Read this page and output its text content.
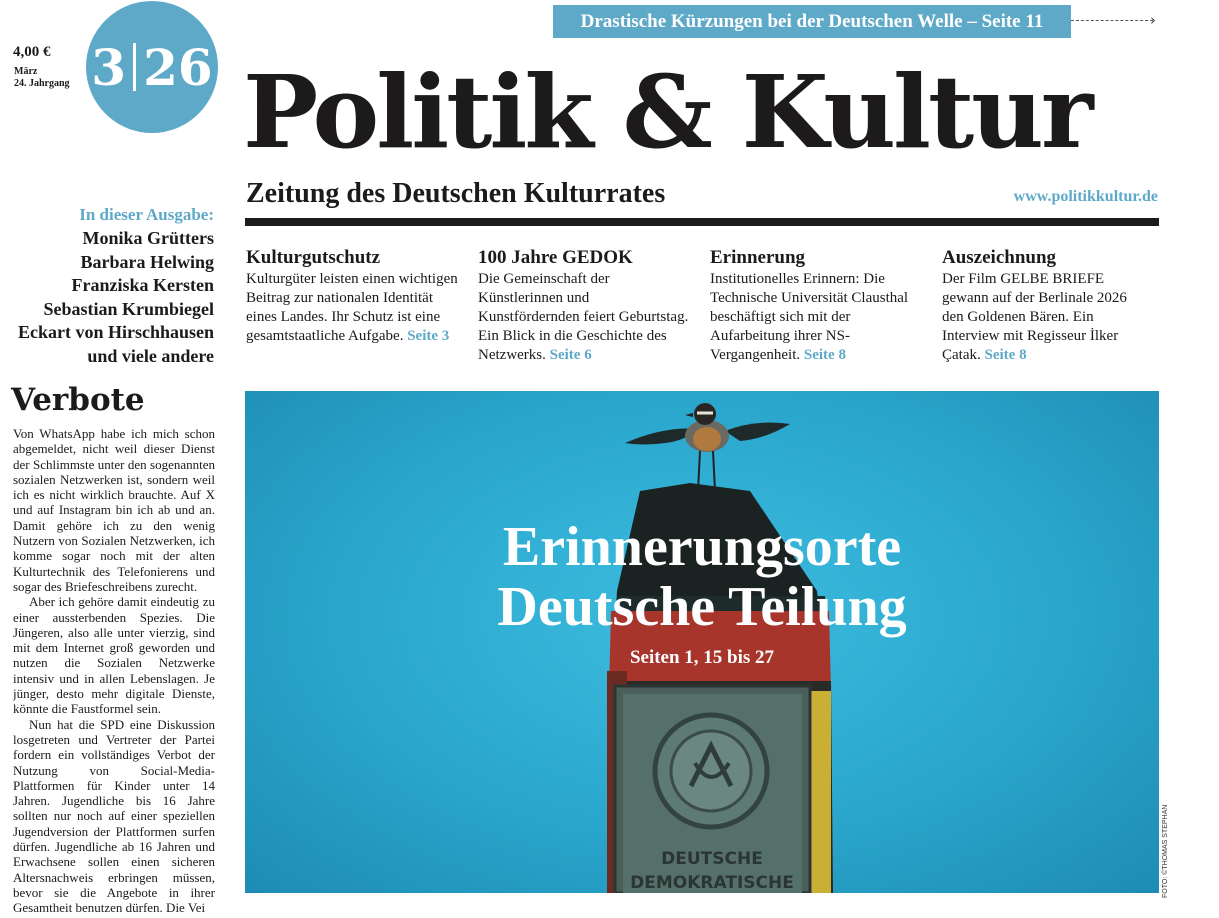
Drastische Kürzungen bei der Deutschen Welle – Seite 11	›
4,00 €
März
24. Jahrgang 3 26 Politik & Kultur
Zeitung des Deutschen Kulturrates	www.politikkultur.de
In dieser Ausgabe:
Monika Grütters
Barbara Helwing
Franziska Kersten
Sebastian Krumbiegel
Eckart von Hirschhausen
und viele andere
Kulturgutschutz

Kulturgüter leisten einen wichtigen Beitrag zur nationalen Identität eines Landes. Ihr Schutz ist eine gesamtstaatliche Aufgabe. Seite 3

100 Jahre GEDOK

Die Gemeinschaft der Künstlerinnen und Kunstfördernden feiert Geburtstag. Ein Blick in die Geschichte des Netzwerks. Seite 6

Erinnerung

Institutionelles Erinnern: Die Technische Universität Clausthal beschäftigt sich mit der Aufarbeitung ihrer NS-Vergangenheit. Seite 8

Auszeichnung

Der Film GELBE BRIEFE gewann auf der Berlinale 2026 den Goldenen Bären. Ein Interview mit Regisseur İlker Çatak. Seite 8

Verbote

Von WhatsApp habe ich mich schon abgemeldet, nicht weil dieser Dienst der Schlimmste unter den sogenannten sozialen Netzwerken ist, sondern weil ich es nicht wirklich brauchte. Auf X und auf Instagram bin ich ab und an. Damit gehöre ich zu den wenig Nutzern von Sozialen Netzwerken, ich komme sogar noch mit der alten Kulturtechnik des Telefonierens und sogar des Briefeschreibens zurecht.

Aber ich gehöre damit eindeutig zu einer aussterbenden Spezies. Die Jüngeren, also alle unter vierzig, sind mit dem Internet groß geworden und nutzen die Sozialen Netzwerke intensiv und in allen Lebenslagen. Je jünger, desto mehr digitale Dienste, könnte die Faustformel sein.

Nun hat die SPD eine Diskussion losgetreten und Vertreter der Partei fordern ein vollständiges Verbot der Nutzung von Social-Media-Plattformen für Kinder unter 14 Jahren. Jugendliche bis 16 Jahre sollten nur noch auf einer speziellen Jugendversion der Plattformen surfen dürfen. Jugendliche ab 16 Jahren und Erwachsene sollen einen sicheren Altersnachweis erbringen müssen, bevor sie die Angebote in ihrer Gesamtheit benutzen dürfen. Die Vei

DEUTSCHE
DEMOKRATISCHE
Erinnerungsorte
Deutsche Teilung
Seiten 1, 15 bis 27
FOTO: ©THOMAS STEPHAN
